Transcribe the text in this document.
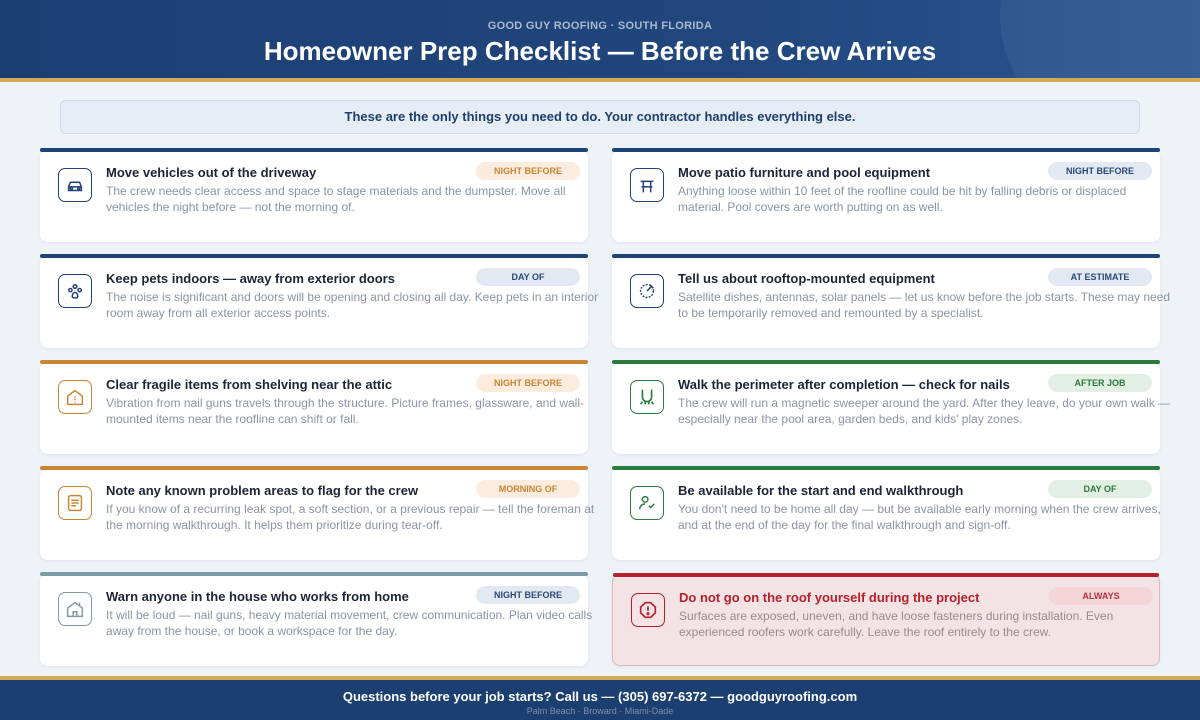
GOOD GUY ROOFING · SOUTH FLORIDA
Homeowner Prep Checklist — Before the Crew Arrives
These are the only things you need to do. Your contractor handles everything else.
Move vehicles out of the driveway	NIGHT BEFORE
The crew needs clear access and space to stage materials and the dumpster. Move all vehicles the night before — not the morning of.
Keep pets indoors — away from exterior doors	DAY OF
The noise is significant and doors will be opening and closing all day. Keep pets in an interior room away from all exterior access points.
Clear fragile items from shelving near the attic	NIGHT BEFORE
Vibration from nail guns travels through the structure. Picture frames, glassware, and wall-mounted items near the roofline can shift or fall.
Note any known problem areas to flag for the crew	MORNING OF
If you know of a recurring leak spot, a soft section, or a previous repair — tell the foreman at the morning walkthrough. It helps them prioritize during tear-off.
Warn anyone in the house who works from home	NIGHT BEFORE
It will be loud — nail guns, heavy material movement, crew communication. Plan video calls away from the house, or book a workspace for the day.
Move patio furniture and pool equipment	NIGHT BEFORE
Anything loose within 10 feet of the roofline could be hit by falling debris or displaced material. Pool covers are worth putting on as well.
Tell us about rooftop-mounted equipment	AT ESTIMATE
Satellite dishes, antennas, solar panels — let us know before the job starts. These may need to be temporarily removed and remounted by a specialist.
Walk the perimeter after completion — check for nails	AFTER JOB
The crew will run a magnetic sweeper around the yard. After they leave, do your own walk — especially near the pool area, garden beds, and kids' play zones.
Be available for the start and end walkthrough	DAY OF
You don't need to be home all day — but be available early morning when the crew arrives, and at the end of the day for the final walkthrough and sign-off.
Do not go on the roof yourself during the project	ALWAYS
Surfaces are exposed, uneven, and have loose fasteners during installation. Even experienced roofers work carefully. Leave the roof entirely to the crew.
Questions before your job starts? Call us — (305) 697-6372 — goodguyroofing.com
Palm Beach · Broward · Miami-Dade
